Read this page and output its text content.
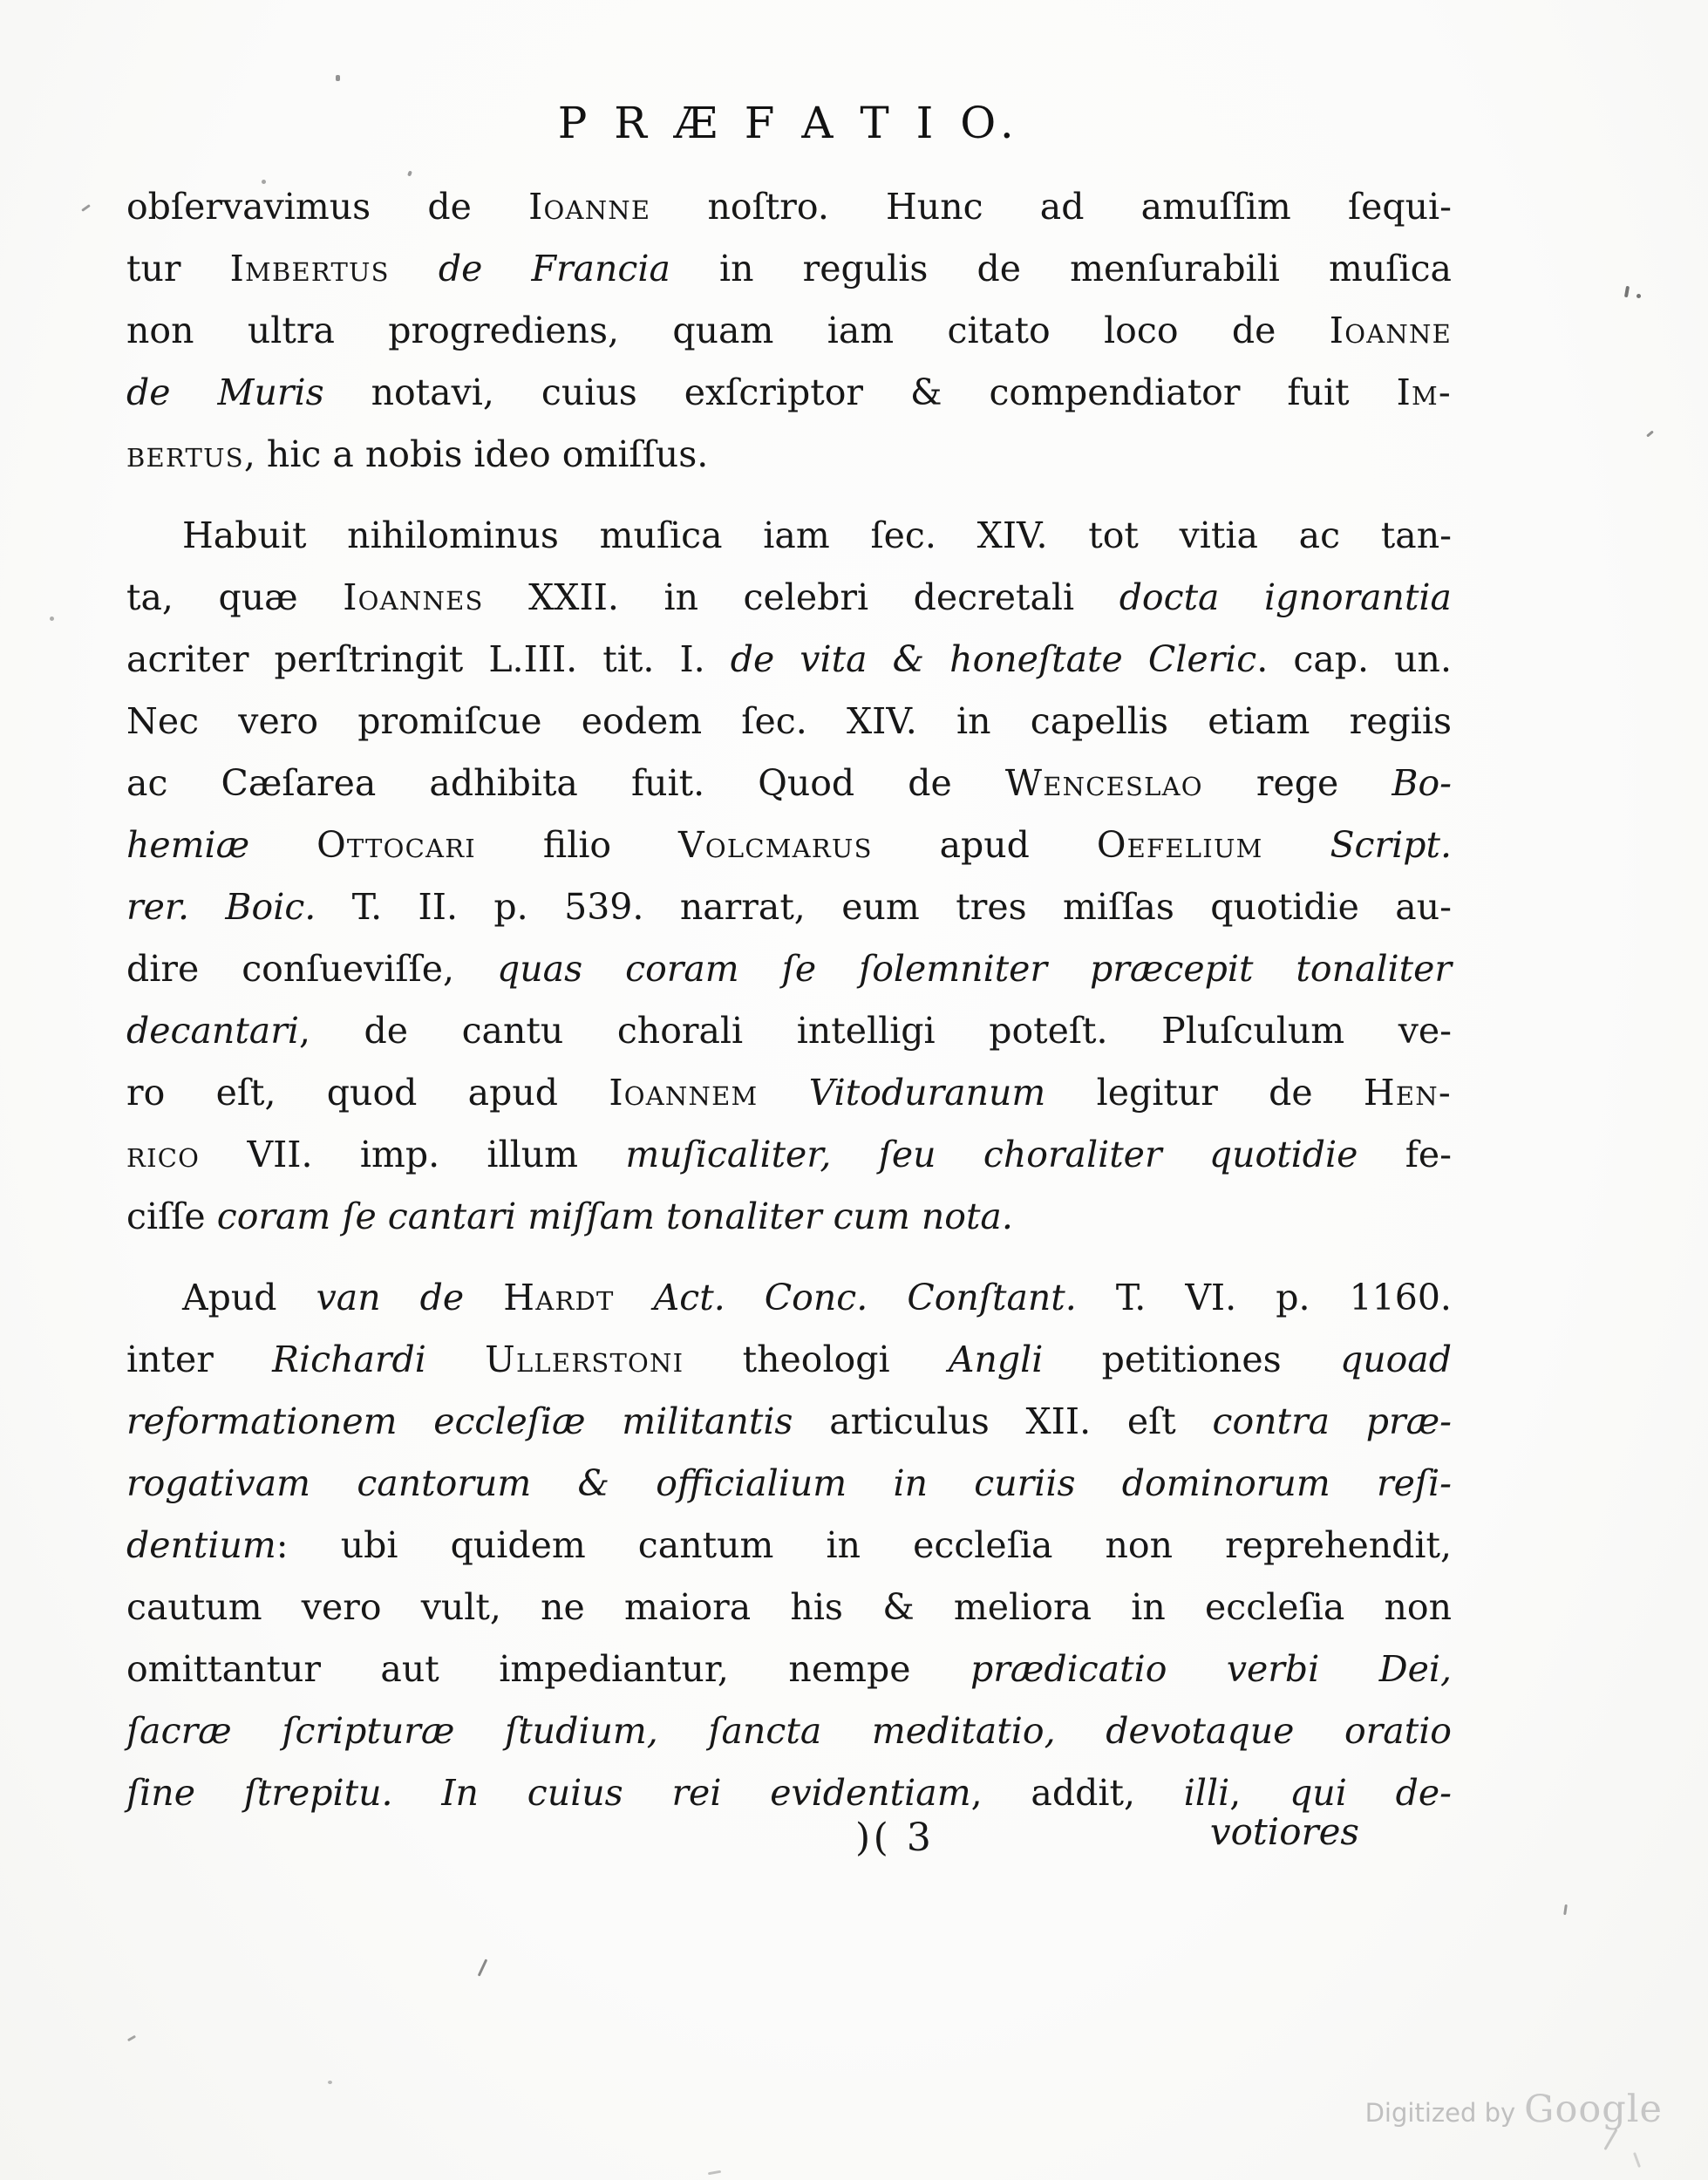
P R Æ F A T I O.
obſervavimus de Ioanne noſtro. Hunc ad amuſſim ſequi-
tur Imbertus de Francia in regulis de menſurabili muſica
non ultra progrediens, quam iam citato loco de Ioanne
de Muris notavi, cuius exſcriptor & compendiator fuit Im-
bertus, hic a nobis ideo omiſſus.
Habuit nihilominus muſica iam ſec. XIV. tot vitia ac tan-
ta, quæ Ioannes XXII. in celebri decretali docta ignorantia
acriter perſtringit L.III. tit. I. de vita & honeſtate Cleric. cap. un.
Nec vero promiſcue eodem ſec. XIV. in capellis etiam regiis
ac Cæſarea adhibita fuit. Quod de Wenceslao rege Bo-
hemiæ Ottocari filio Volcmarus apud Oefelium Script.
rer. Boic. T. II. p. 539. narrat, eum tres miſſas quotidie au-
dire conſueviſſe, quas coram ſe ſolemniter præcepit tonaliter
decantari, de cantu chorali intelligi poteſt. Pluſculum ve-
ro eſt, quod apud Ioannem Vitoduranum legitur de Hen-
rico VII. imp. illum muſicaliter, ſeu choraliter quotidie fe-
ciſſe coram ſe cantari miſſam tonaliter cum nota.
Apud van de Hardt Act. Conc. Conſtant. T. VI. p. 1160.
inter Richardi Ullerstoni theologi Angli petitiones quoad
reformationem eccleſiæ militantis articulus XII. eſt contra præ-
rogativam cantorum & officialium in curiis dominorum reſi-
dentium: ubi quidem cantum in eccleſia non reprehendit,
cautum vero vult, ne maiora his & meliora in eccleſia non
omittantur aut impediantur, nempe prædicatio verbi Dei,
ſacræ ſcripturæ ſtudium, ſancta meditatio, devotaque oratio
ſine ſtrepitu. In cuius rei evidentiam, addit, illi, qui de-
)( 3	votiores
Digitized by Google
